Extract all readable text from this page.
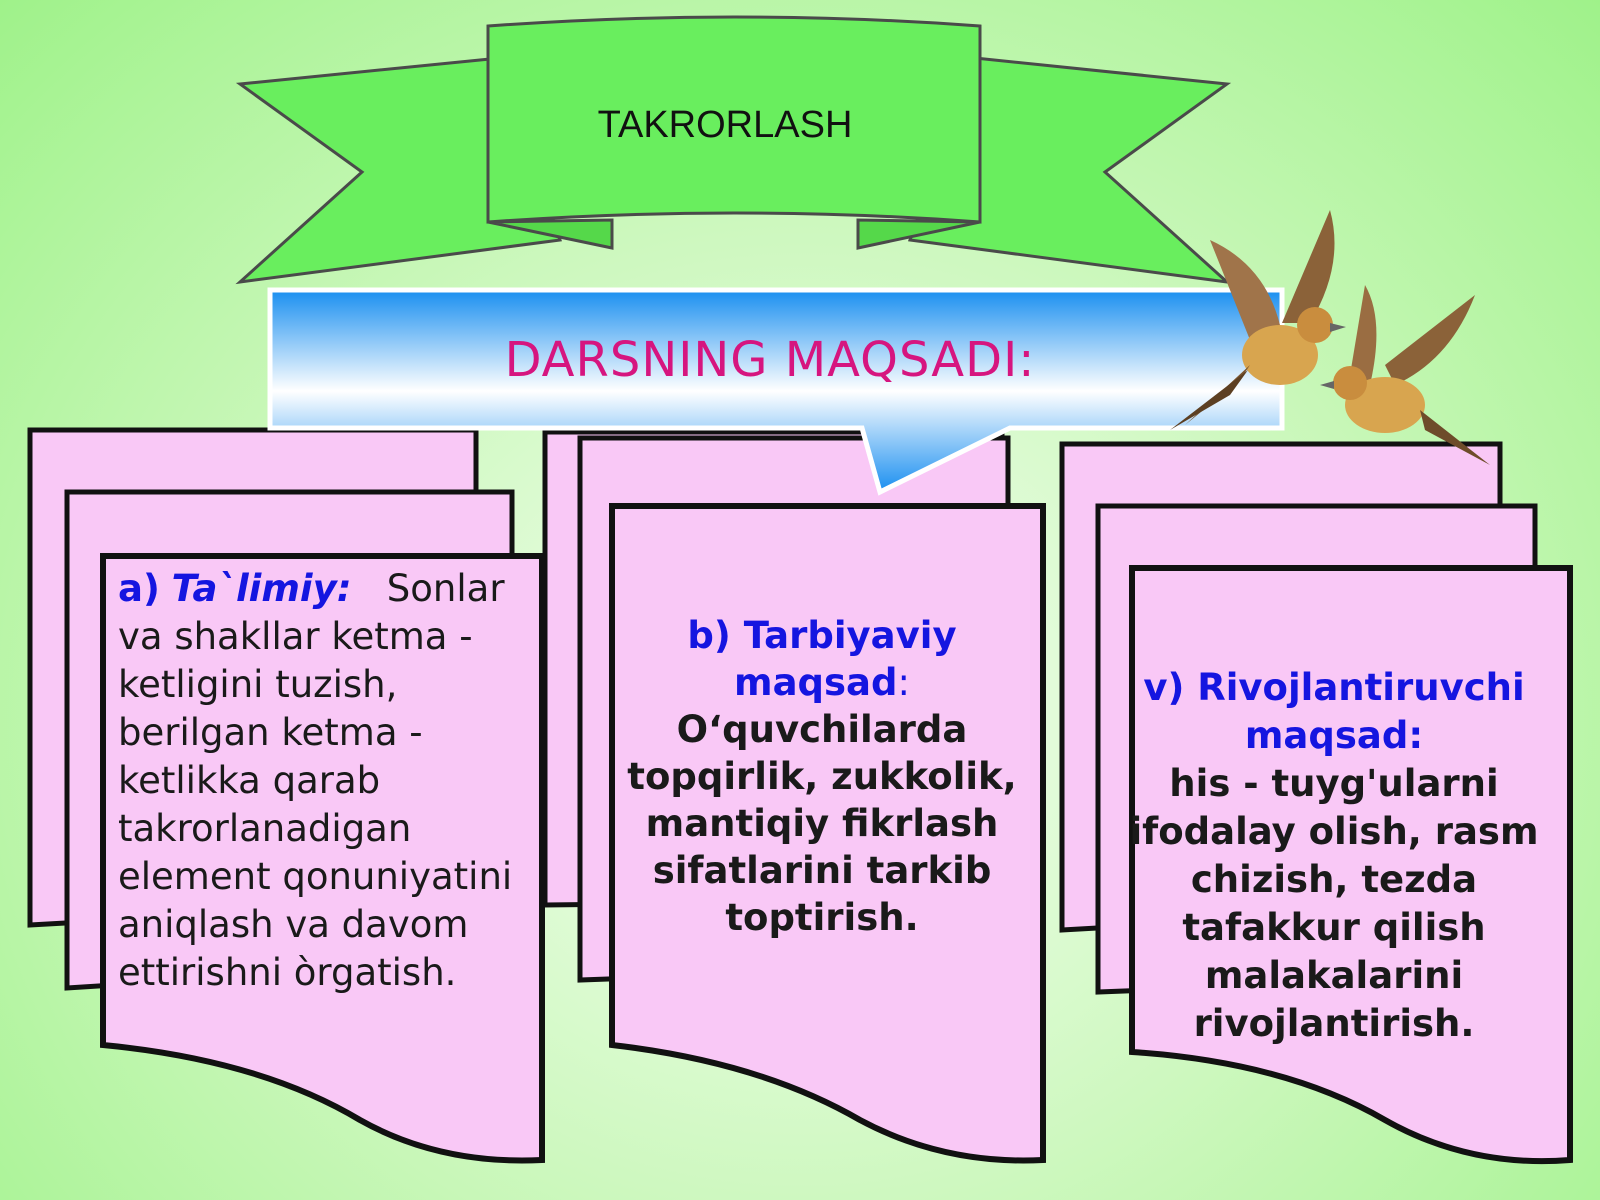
TAKRORLASH
DARSNING MAQSADI:
a) Ta`limiy: Sonlar va shakllar ketma - ketligini tuzish, berilgan ketma - ketlikka qarab takrorlanadigan element qonuniyatini aniqlash va davom ettirishni òrgatish.
b) Tarbiyaviy
maqsad:
O‘quvchilarda topqirlik, zukkolik, mantiqiy fikrlash sifatlarini tarkib toptirish.
v) Rivojlantiruvchi
maqsad:
his - tuyg'ularni ifodalay olish, rasm chizish, tezda tafakkur qilish malakalarini rivojlantirish.
